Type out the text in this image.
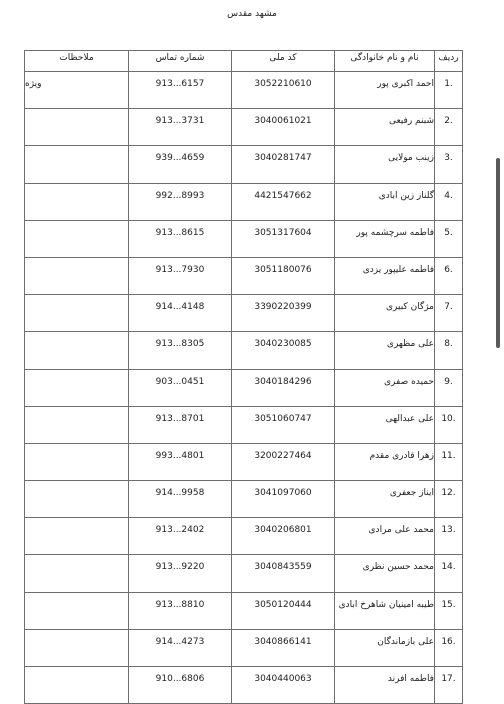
مشهد مقدس
ردیف	نام و نام خانوادگی	کد ملی	شماره تماس	ملاحظات
1.	احمد اکبری پور	3052210610	913...6157	ویژه
2.	شبنم رفیعی	3040061021	913...3731	
3.	زینب مولایی	3040281747	939...4659	
4.	گلناز زین ابادی	4421547662	992...8993	
5.	فاطمه سرچشمه پور	3051317604	913...8615	
6.	فاطمه علیپور یزدی	3051180076	913...7930	
7.	مژگان کبیری	3390220399	914...4148	
8.	علی مظهری	3040230085	913...8305	
9.	حمیده صفری	3040184296	903...0451	
10.	علی عبدالهی	3051060747	913...8701	
11.	زهرا قادری مقدم	3200227464	993...4801	
12.	ایناز جعفری	3041097060	914...9958	
13.	محمد علی مرادی	3040206801	913...2402	
14.	محمد حسین نظری	3040843559	913...9220	
15.	طیبه امینیان شاهرخ ابادی	3050120444	913...8810	
16.	علی بازماندگان	3040866141	914...4273	
17.	فاطمه افرند	3040440063	910...6806	
